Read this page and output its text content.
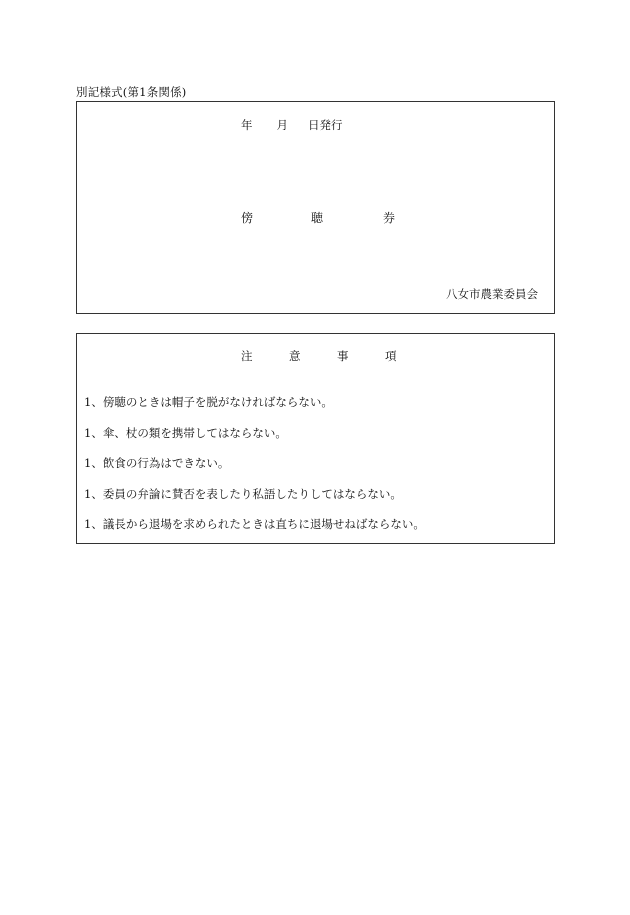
別記様式(第1条関係)
年 月 日発行
傍	聴	券
八女市農業委員会
注	意	事	項
1、傍聴のときは帽子を脱がなければならない。
1、傘、杖の類を携帯してはならない。
1、飲食の行為はできない。
1、委員の弁論に賛否を表したり私語したりしてはならない。
1、議長から退場を求められたときは直ちに退場せねばならない。
